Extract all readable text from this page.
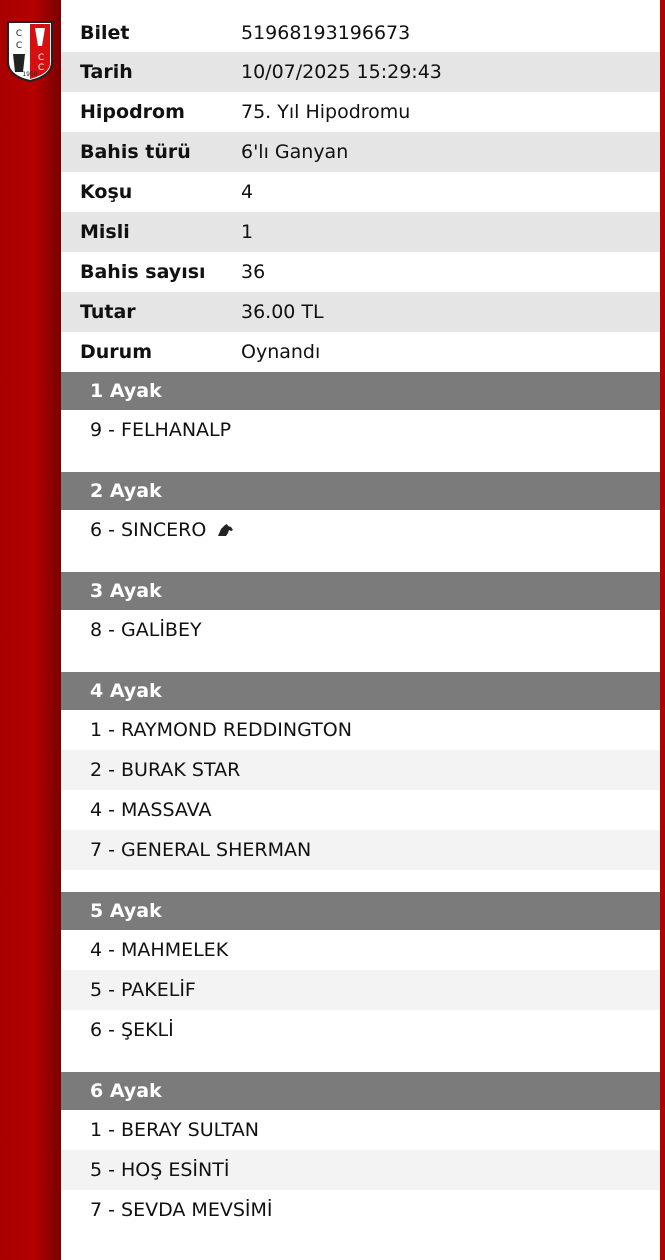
C
C
C
C
1950
Bilet	51968193196673
Tarih	10/07/2025 15:29:43
Hipodrom	75. Yıl Hipodromu
Bahis türü	6'lı Ganyan
Koşu	4
Misli	1
Bahis sayısı	36
Tutar	36.00 TL
Durum	Oynandı
1 Ayak
9 - FELHANALP
2 Ayak
6 - SINCERO
3 Ayak
8 - GALİBEY
4 Ayak
1 - RAYMOND REDDINGTON
2 - BURAK STAR
4 - MASSAVA
7 - GENERAL SHERMAN
5 Ayak
4 - MAHMELEK
5 - PAKELİF
6 - ŞEKLİ
6 Ayak
1 - BERAY SULTAN
5 - HOŞ ESİNTİ
7 - SEVDA MEVSİMİ
